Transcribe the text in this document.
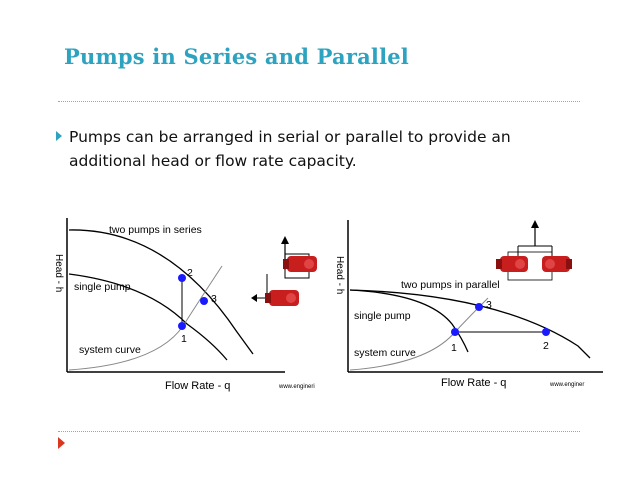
Pumps in Series and Parallel

Pumps can be arranged in serial or parallel to provide an additional head or flow rate capacity.

Head - h
two pumps in series
single pump
system curve
1
2
3
Flow Rate - q	www.engineri
Head - h	two pumps in parallel
single pump
system curve	1	2
3
Flow Rate - q	www.enginer
